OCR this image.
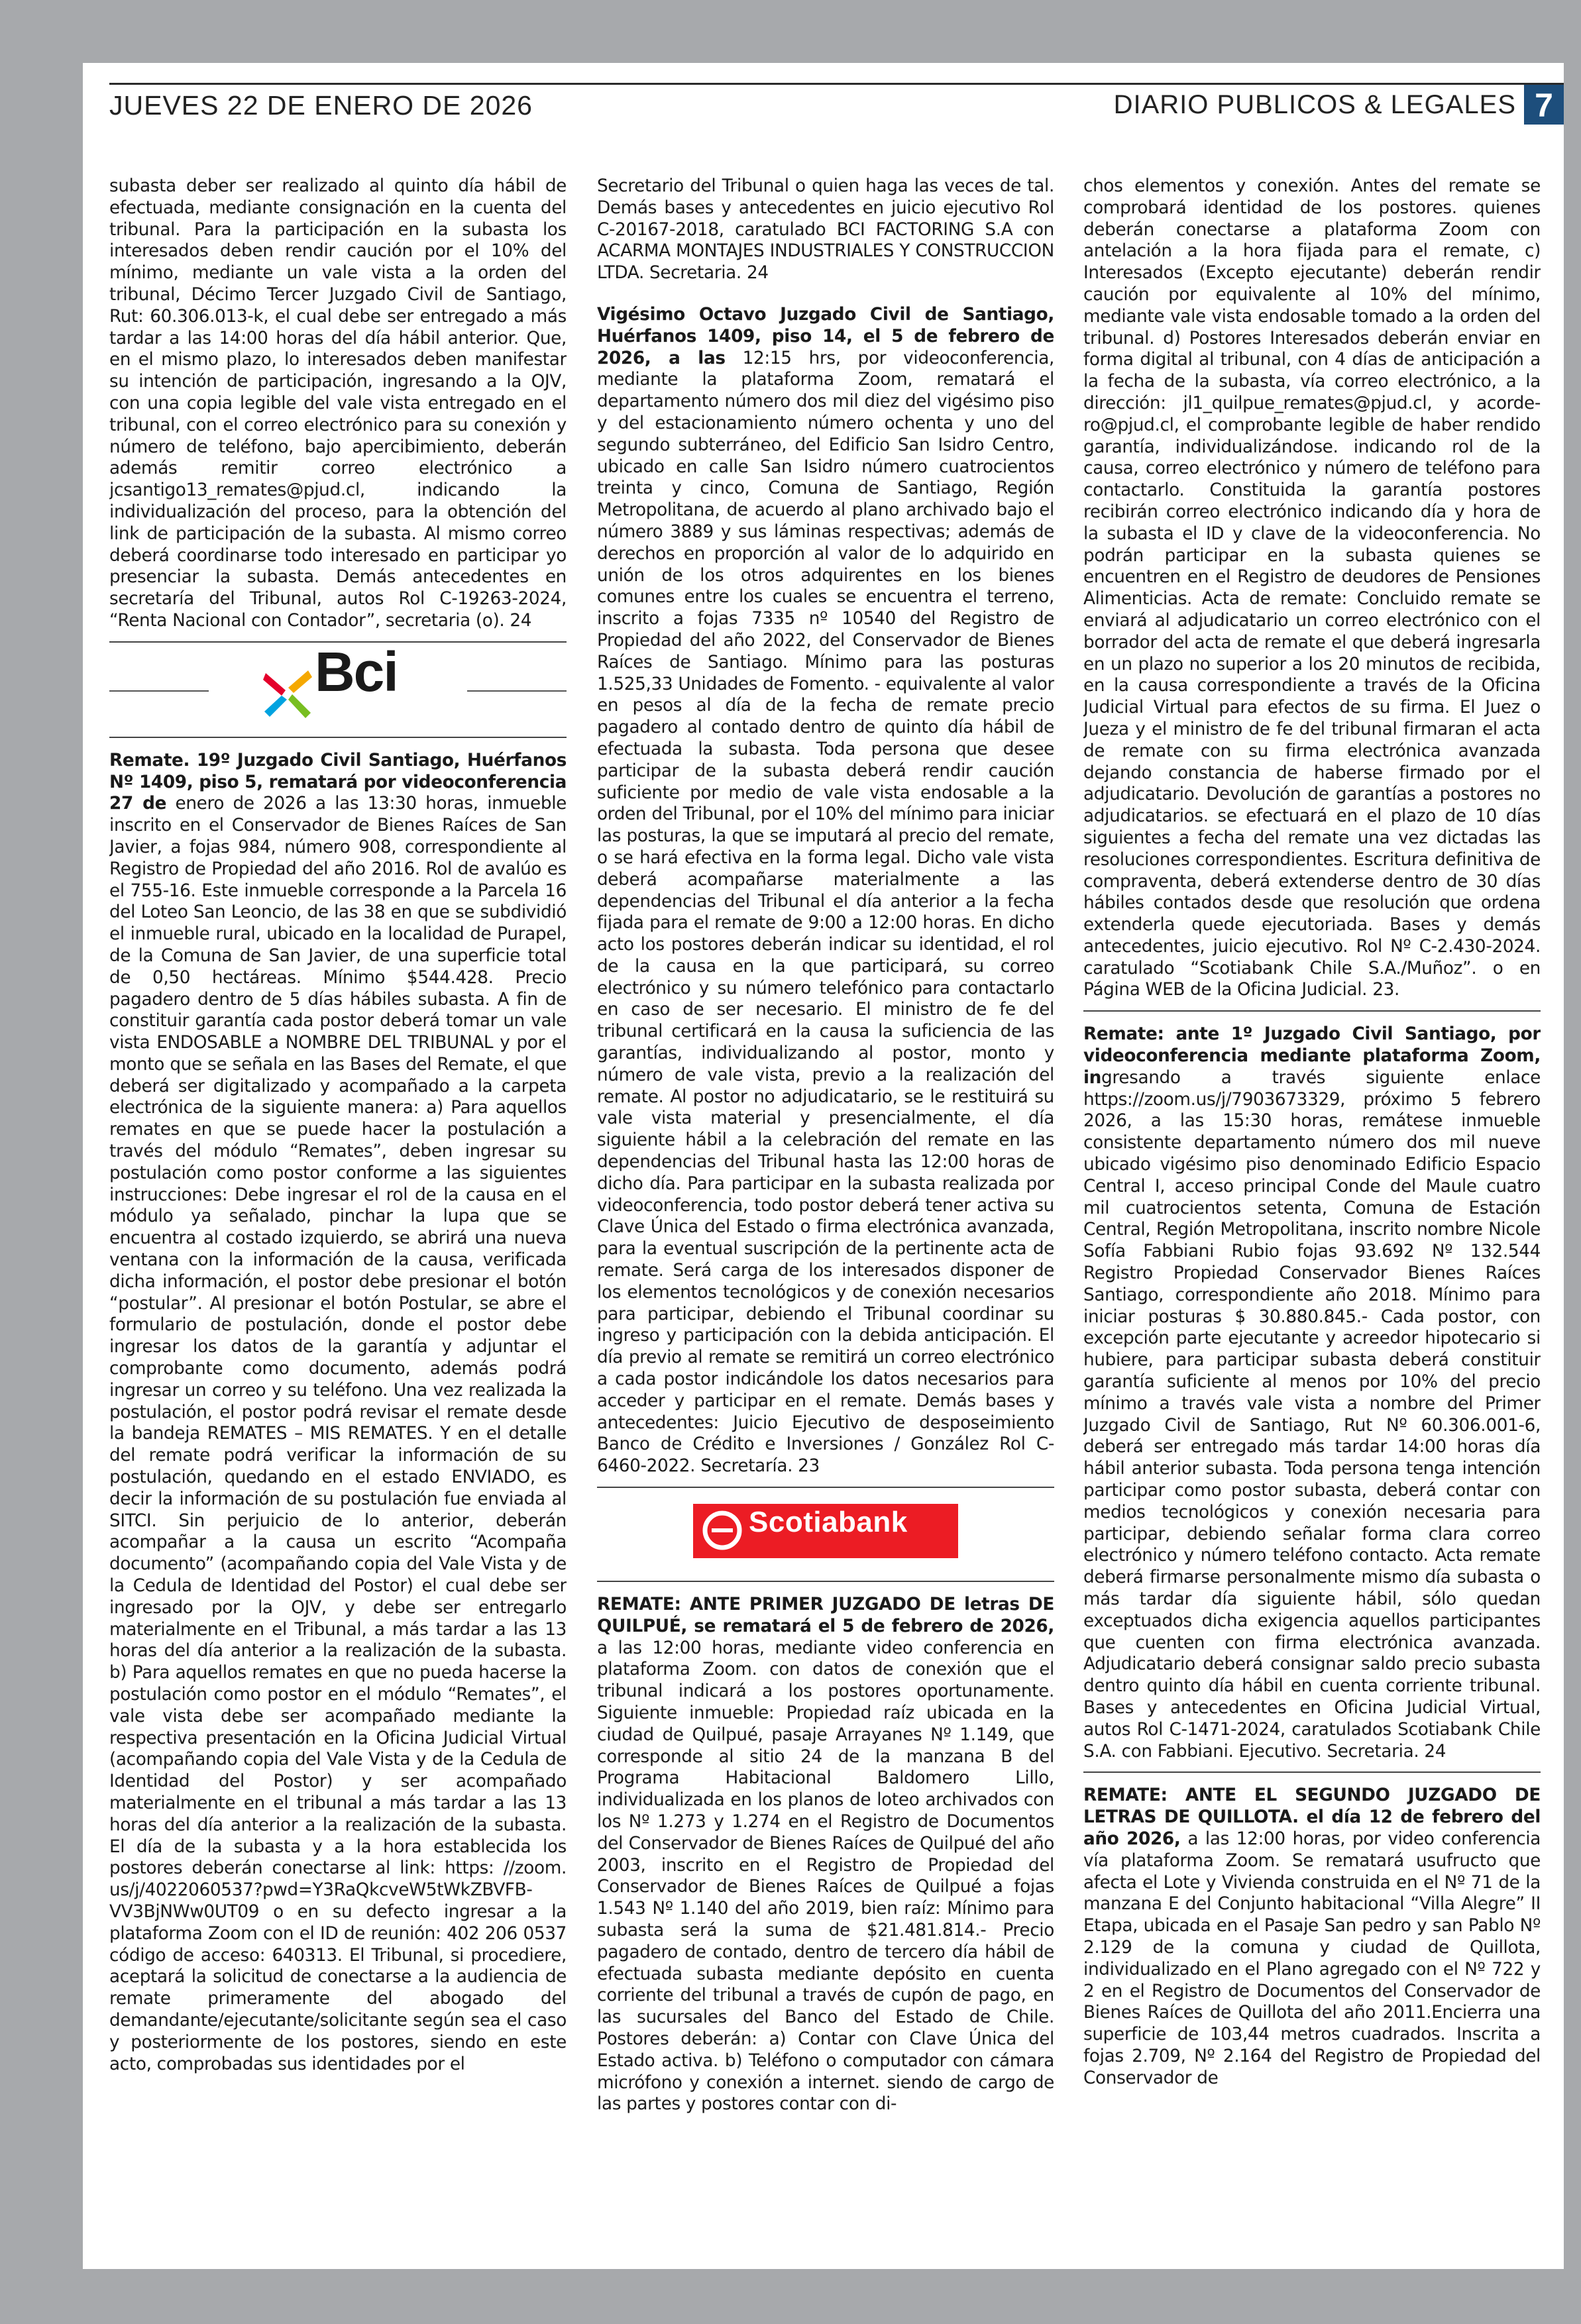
JUEVES 22 DE ENERO DE 2026	DIARIO PUBLICOS & LEGALES 7

subasta deber ser realizado al quinto día hábil de efectuada, mediante consignación en la cuenta del tribunal. Para la participación en la subasta los interesados deben rendir caución por el 10% del mínimo, mediante un vale vista a la orden del tribunal, Décimo Tercer Juzgado Civil de Santiago, Rut: 60.306.013-k, el cual debe ser entregado a más tardar a las 14:00 horas del día hábil anterior. Que, en el mismo plazo, lo interesados deben manifestar su intención de participación, ingresando a la OJV, con una copia legible del vale vista entregado en el tribunal, con el correo electrónico para su conexión y número de teléfono, bajo apercibimiento, deberán además remitir correo electrónico a jcsantigo13_remates@pjud.cl, indicando la individualización del proceso, para la obtención del link de participación de la subasta. Al mismo correo deberá coordinarse todo interesado en participar yo presenciar la subasta. Demás antecedentes en secretaría del Tribunal, autos Rol C-19263-2024, “Renta Nacional con Contador”, secretaria (o). 24

Bci

Remate. 19º Juzgado Civil Santiago, Huérfanos Nº 1409, piso 5, rematará por videoconferencia 27 de enero de 2026 a las 13:30 horas, inmueble inscrito en el Conservador de Bienes Raíces de San Javier, a fojas 984, número 908, correspondiente al Registro de Propiedad del año 2016. Rol de avalúo es el 755-16. Este inmueble corresponde a la Parcela 16 del Loteo San Leoncio, de las 38 en que se subdividió el inmueble rural, ubicado en la localidad de Purapel, de la Comuna de San Javier, de una superficie total de 0,50 hectáreas. Mínimo $544.428. Precio pagadero dentro de 5 días hábiles subasta. A fin de constituir garantía cada postor deberá tomar un vale vista ENDOSABLE a NOMBRE DEL TRIBUNAL y por el monto que se señala en las Bases del Remate, el que deberá ser digitalizado y acompañado a la carpeta electrónica de la siguiente manera: a) Para aquellos remates en que se puede hacer la postulación a través del módulo “Remates”, deben ingresar su postulación como postor conforme a las siguientes instrucciones: Debe ingresar el rol de la causa en el módulo ya señalado, pinchar la lupa que se encuentra al costado izquierdo, se abrirá una nueva ventana con la información de la causa, verificada dicha información, el postor debe presionar el botón “postular”. Al presionar el botón Postular, se abre el formulario de postulación, donde el postor debe ingresar los datos de la garantía y adjuntar el comprobante como documento, además podrá ingresar un correo y su teléfono. Una vez realizada la postulación, el postor podrá revisar el remate desde la bandeja REMATES – MIS REMATES. Y en el detalle del remate podrá verificar la información de su postulación, quedando en el estado ENVIADO, es decir la información de su postulación fue enviada al SITCI. Sin perjuicio de lo anterior, deberán acompañar a la causa un escrito “Acompaña documento” (acompañando copia del Vale Vista y de la Cedula de Identidad del Postor) el cual debe ser ingresado por la OJV, y debe ser entregarlo materialmente en el Tribunal, a más tardar a las 13 horas del día anterior a la realización de la subasta. b) Para aquellos remates en que no pueda hacerse la postulación como postor en el módulo “Remates”, el vale vista debe ser acompañado mediante la respectiva presentación en la Oficina Judicial Virtual (acompañando copia del Vale Vista y de la Cedula de Identidad del Postor) y ser acompañado materialmente en el tribunal a más tardar a las 13 horas del día anterior a la realización de la subasta. El día de la subasta y a la hora establecida los postores deberán conectarse al link: https: //zoom. us/j/4022060537?pwd=Y3RaQkcveW5tWkZBVFB-VV3BjNWw0UT09 o en su defecto ingresar a la plataforma Zoom con el ID de reunión: 402 206 0537 código de acceso: 640313. El Tribunal, si procediere, aceptará la solicitud de conectarse a la audiencia de remate primeramente del abogado del demandante/ejecutante/solicitante según sea el caso y posteriormente de los postores, siendo en este acto, comprobadas sus identidades por el

Secretario del Tribunal o quien haga las veces de tal. Demás bases y antecedentes en juicio ejecutivo Rol C-20167-2018, caratulado BCI FACTORING S.A con ACARMA MONTAJES INDUSTRIALES Y CONSTRUCCION LTDA. Secretaria. 24

Vigésimo Octavo Juzgado Civil de Santiago, Huérfanos 1409, piso 14, el 5 de febrero de 2026, a las 12:15 hrs, por videoconferencia, mediante la plataforma Zoom, rematará el departamento número dos mil diez del vigésimo piso y del estacionamiento número ochenta y uno del segundo subterráneo, del Edificio San Isidro Centro, ubicado en calle San Isidro número cuatrocientos treinta y cinco, Comuna de Santiago, Región Metropolitana, de acuerdo al plano archivado bajo el número 3889 y sus láminas respectivas; además de derechos en proporción al valor de lo adquirido en unión de los otros adquirentes en los bienes comunes entre los cuales se encuentra el terreno, inscrito a fojas 7335 nº 10540 del Registro de Propiedad del año 2022, del Conservador de Bienes Raíces de Santiago. Mínimo para las posturas 1.525,33 Unidades de Fomento. - equivalente al valor en pesos al día de la fecha de remate precio pagadero al contado dentro de quinto día hábil de efectuada la subasta. Toda persona que desee participar de la subasta deberá rendir caución suficiente por medio de vale vista endosable a la orden del Tribunal, por el 10% del mínimo para iniciar las posturas, la que se imputará al precio del remate, o se hará efectiva en la forma legal. Dicho vale vista deberá acompañarse materialmente a las dependencias del Tribunal el día anterior a la fecha fijada para el remate de 9:00 a 12:00 horas. En dicho acto los postores deberán indicar su identidad, el rol de la causa en la que participará, su correo electrónico y su número telefónico para contactarlo en caso de ser necesario. El ministro de fe del tribunal certificará en la causa la suficiencia de las garantías, individualizando al postor, monto y número de vale vista, previo a la realización del remate. Al postor no adjudicatario, se le restituirá su vale vista material y presencialmente, el día siguiente hábil a la celebración del remate en las dependencias del Tribunal hasta las 12:00 horas de dicho día. Para participar en la subasta realizada por videoconferencia, todo postor deberá tener activa su Clave Única del Estado o firma electrónica avanzada, para la eventual suscripción de la pertinente acta de remate. Será carga de los interesados disponer de los elementos tecnológicos y de conexión necesarios para participar, debiendo el Tribunal coordinar su ingreso y participación con la debida anticipación. El día previo al remate se remitirá un correo electrónico a cada postor indicándole los datos necesarios para acceder y participar en el remate. Demás bases y antecedentes: Juicio Ejecutivo de desposeimiento Banco de Crédito e Inversiones / González Rol C-6460-2022. Secretaría. 23

Scotiabank

REMATE: ANTE PRIMER JUZGADO DE letras DE QUILPUÉ, se rematará el 5 de febrero de 2026, a las 12:00 horas, mediante video conferencia en plataforma Zoom. con datos de conexión que el tribunal indicará a los postores oportunamente. Siguiente inmueble: Propiedad raíz ubicada en la ciudad de Quilpué, pasaje Arrayanes Nº 1.149, que corresponde al sitio 24 de la manzana B del Programa Habitacional Baldomero Lillo, individualizada en los planos de loteo archivados con los Nº 1.273 y 1.274 en el Registro de Documentos del Conservador de Bienes Raíces de Quilpué del año 2003, inscrito en el Registro de Propiedad del Conservador de Bienes Raíces de Quilpué a fojas 1.543 Nº 1.140 del año 2019, bien raíz: Mínimo para subasta será la suma de $21.481.814.- Precio pagadero de contado, dentro de tercero día hábil de efectuada subasta mediante depósito en cuenta corriente del tribunal a través de cupón de pago, en las sucursales del Banco del Estado de Chile. Postores deberán: a) Contar con Clave Única del Estado activa. b) Teléfono o computador con cámara micrófono y conexión a internet. siendo de cargo de las partes y postores contar con di-

chos elementos y conexión. Antes del remate se comprobará identidad de los postores. quienes deberán conectarse a plataforma Zoom con antelación a la hora fijada para el remate, c) Interesados (Excepto ejecutante) deberán rendir caución por equivalente al 10% del mínimo, mediante vale vista endosable tomado a la orden del tribunal. d) Postores Interesados deberán enviar en forma digital al tribunal, con 4 días de anticipación a la fecha de la subasta, vía correo electrónico, a la dirección: jl1_quilpue_remates@pjud.cl, y acorde-ro@pjud.cl, el comprobante legible de haber rendido garantía, individualizándose. indicando rol de la causa, correo electrónico y número de teléfono para contactarlo. Constituida la garantía postores recibirán correo electrónico indicando día y hora de la subasta el ID y clave de la videoconferencia. No podrán participar en la subasta quienes se encuentren en el Registro de deudores de Pensiones Alimenticias. Acta de remate: Concluido remate se enviará al adjudicatario un correo electrónico con el borrador del acta de remate el que deberá ingresarla en un plazo no superior a los 20 minutos de recibida, en la causa correspondiente a través de la Oficina Judicial Virtual para efectos de su firma. El Juez o Jueza y el ministro de fe del tribunal firmaran el acta de remate con su firma electrónica avanzada dejando constancia de haberse firmado por el adjudicatario. Devolución de garantías a postores no adjudicatarios. se efectuará en el plazo de 10 días siguientes a fecha del remate una vez dictadas las resoluciones correspondientes. Escritura definitiva de compraventa, deberá extenderse dentro de 30 días hábiles contados desde que resolución que ordena extenderla quede ejecutoriada. Bases y demás antecedentes, juicio ejecutivo. Rol Nº C-2.430-2024. caratulado “Scotiabank Chile S.A./Muñoz”. o en Página WEB de la Oficina Judicial. 23.

Remate: ante 1º Juzgado Civil Santiago, por videoconferencia mediante plataforma Zoom, ingresando a través siguiente enlace https://zoom.us/j/7903673329, próximo 5 febrero 2026, a las 15:30 horas, remátese inmueble consistente departamento número dos mil nueve ubicado vigésimo piso denominado Edificio Espacio Central I, acceso principal Conde del Maule cuatro mil cuatrocientos setenta, Comuna de Estación Central, Región Metropolitana, inscrito nombre Nicole Sofía Fabbiani Rubio fojas 93.692 Nº 132.544 Registro Propiedad Conservador Bienes Raíces Santiago, correspondiente año 2018. Mínimo para iniciar posturas $ 30.880.845.- Cada postor, con excepción parte ejecutante y acreedor hipotecario si hubiere, para participar subasta deberá constituir garantía suficiente al menos por 10% del precio mínimo a través vale vista a nombre del Primer Juzgado Civil de Santiago, Rut Nº 60.306.001-6, deberá ser entregado más tardar 14:00 horas día hábil anterior subasta. Toda persona tenga intención participar como postor subasta, deberá contar con medios tecnológicos y conexión necesaria para participar, debiendo señalar forma clara correo electrónico y número teléfono contacto. Acta remate deberá firmarse personalmente mismo día subasta o más tardar día siguiente hábil, sólo quedan exceptuados dicha exigencia aquellos participantes que cuenten con firma electrónica avanzada. Adjudicatario deberá consignar saldo precio subasta dentro quinto día hábil en cuenta corriente tribunal. Bases y antecedentes en Oficina Judicial Virtual, autos Rol C-1471-2024, caratulados Scotiabank Chile S.A. con Fabbiani. Ejecutivo. Secretaria. 24

REMATE: ANTE EL SEGUNDO JUZGADO DE LETRAS DE QUILLOTA. el día 12 de febrero del año 2026, a las 12:00 horas, por video conferencia vía plataforma Zoom. Se rematará usufructo que afecta el Lote y Vivienda construida en el Nº 71 de la manzana E del Conjunto habitacional “Villa Alegre” II Etapa, ubicada en el Pasaje San pedro y san Pablo Nº 2.129 de la comuna y ciudad de Quillota, individualizado en el Plano agregado con el Nº 722 y 2 en el Registro de Documentos del Conservador de Bienes Raíces de Quillota del año 2011.Encierra una superficie de 103,44 metros cuadrados. Inscrita a fojas 2.709, Nº 2.164 del Registro de Propiedad del Conservador de
